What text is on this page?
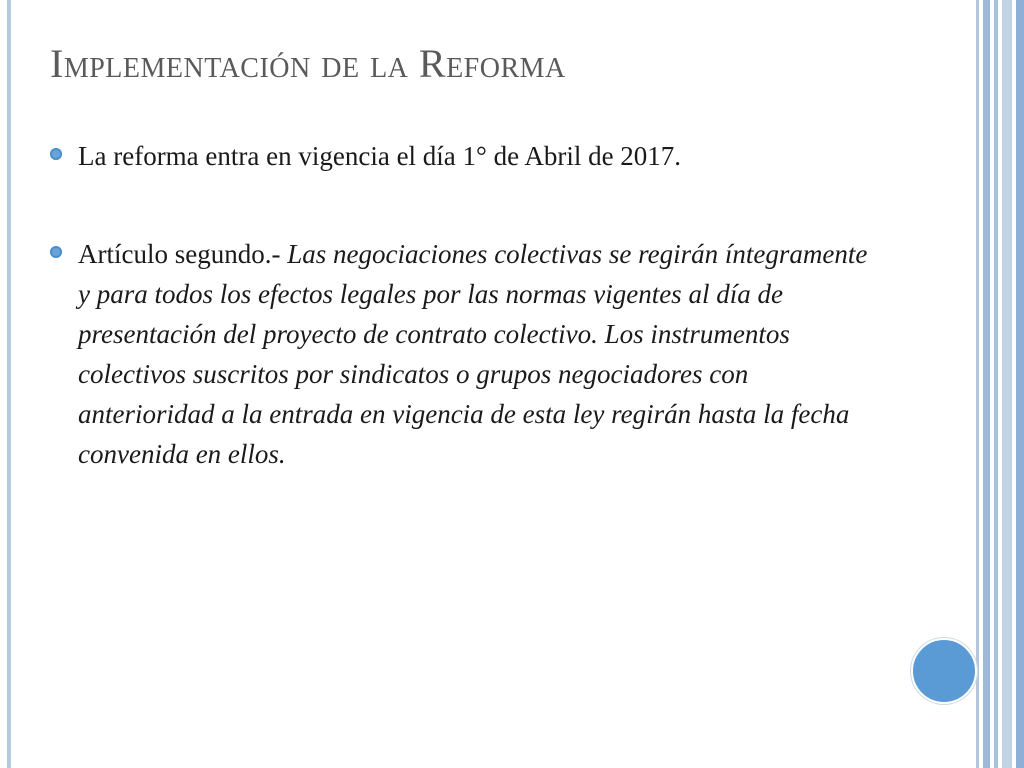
Implementación de la Reforma
La reforma entra en vigencia el día 1° de Abril de 2017.
Artículo segundo.- Las negociaciones colectivas se regirán íntegramente y para todos los efectos legales por las normas vigentes al día de presentación del proyecto de contrato colectivo. Los instrumentos colectivos suscritos por sindicatos o grupos negociadores con anterioridad a la entrada en vigencia de esta ley regirán hasta la fecha convenida en ellos.
